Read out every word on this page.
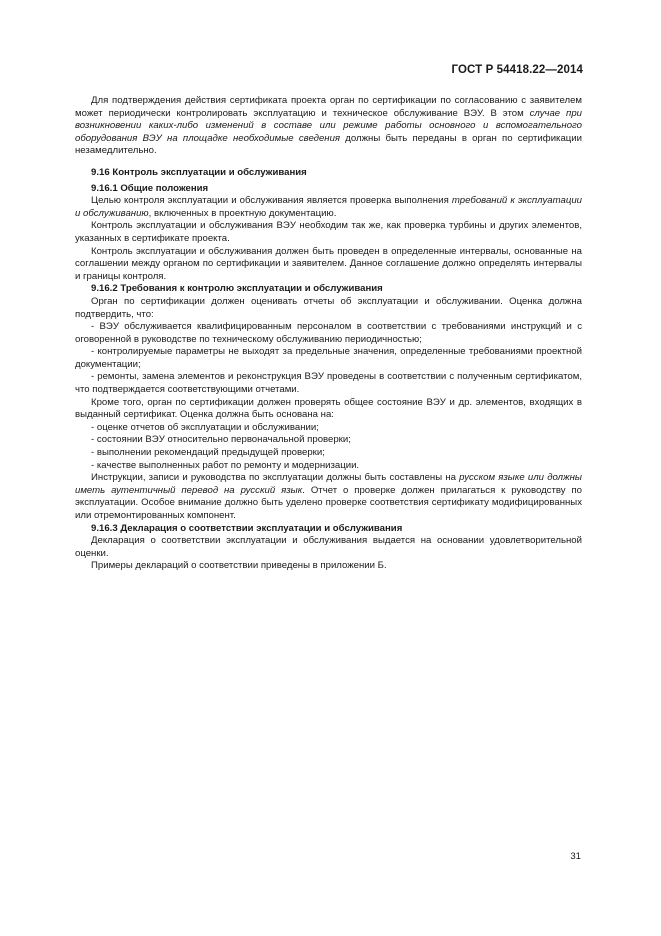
ГОСТ Р 54418.22—2014

Для подтверждения действия сертификата проекта орган по сертификации по согласованию с заявителем может периодически контролировать эксплуатацию и техническое обслуживание ВЭУ. В этом случае при возникновении каких-либо изменений в составе или режиме работы основного и вспомогательного оборудования ВЭУ на площадке необходимые сведения должны быть переданы в орган по сертификации незамедлительно.

9.16 Контроль эксплуатации и обслуживания
9.16.1 Общие положения

Целью контроля эксплуатации и обслуживания является проверка выполнения требований к эксплуатации и обслуживанию, включенных в проектную документацию.

Контроль эксплуатации и обслуживания ВЭУ необходим так же, как проверка турбины и других элементов, указанных в сертификате проекта.

Контроль эксплуатации и обслуживания должен быть проведен в определенные интервалы, основанные на соглашении между органом по сертификации и заявителем. Данное соглашение должно определять интервалы и границы контроля.

9.16.2 Требования к контролю эксплуатации и обслуживания

Орган по сертификации должен оценивать отчеты об эксплуатации и обслуживании. Оценка должна подтвердить, что:

- ВЭУ обслуживается квалифицированным персоналом в соответствии с требованиями инструкций и с оговоренной в руководстве по техническому обслуживанию периодичностью;

- контролируемые параметры не выходят за предельные значения, определенные требованиями проектной документации;

- ремонты, замена элементов и реконструкция ВЭУ проведены в соответствии с полученным сертификатом, что подтверждается соответствующими отчетами.

Кроме того, орган по сертификации должен проверять общее состояние ВЭУ и др. элементов, входящих в выданный сертификат. Оценка должна быть основана на:

- оценке отчетов об эксплуатации и обслуживании;

- состоянии ВЭУ относительно первоначальной проверки;

- выполнении рекомендаций предыдущей проверки;

- качестве выполненных работ по ремонту и модернизации.

Инструкции, записи и руководства по эксплуатации должны быть составлены на русском языке или должны иметь аутентичный перевод на русский язык. Отчет о проверке должен прилагаться к руководству по эксплуатации. Особое внимание должно быть уделено проверке соответствия сертификату модифицированных или отремонтированных компонент.

9.16.3 Декларация о соответствии эксплуатации и обслуживания

Декларация о соответствии эксплуатации и обслуживания выдается на основании удовлетворительной оценки.

Примеры деклараций о соответствии приведены в приложении Б.

31
